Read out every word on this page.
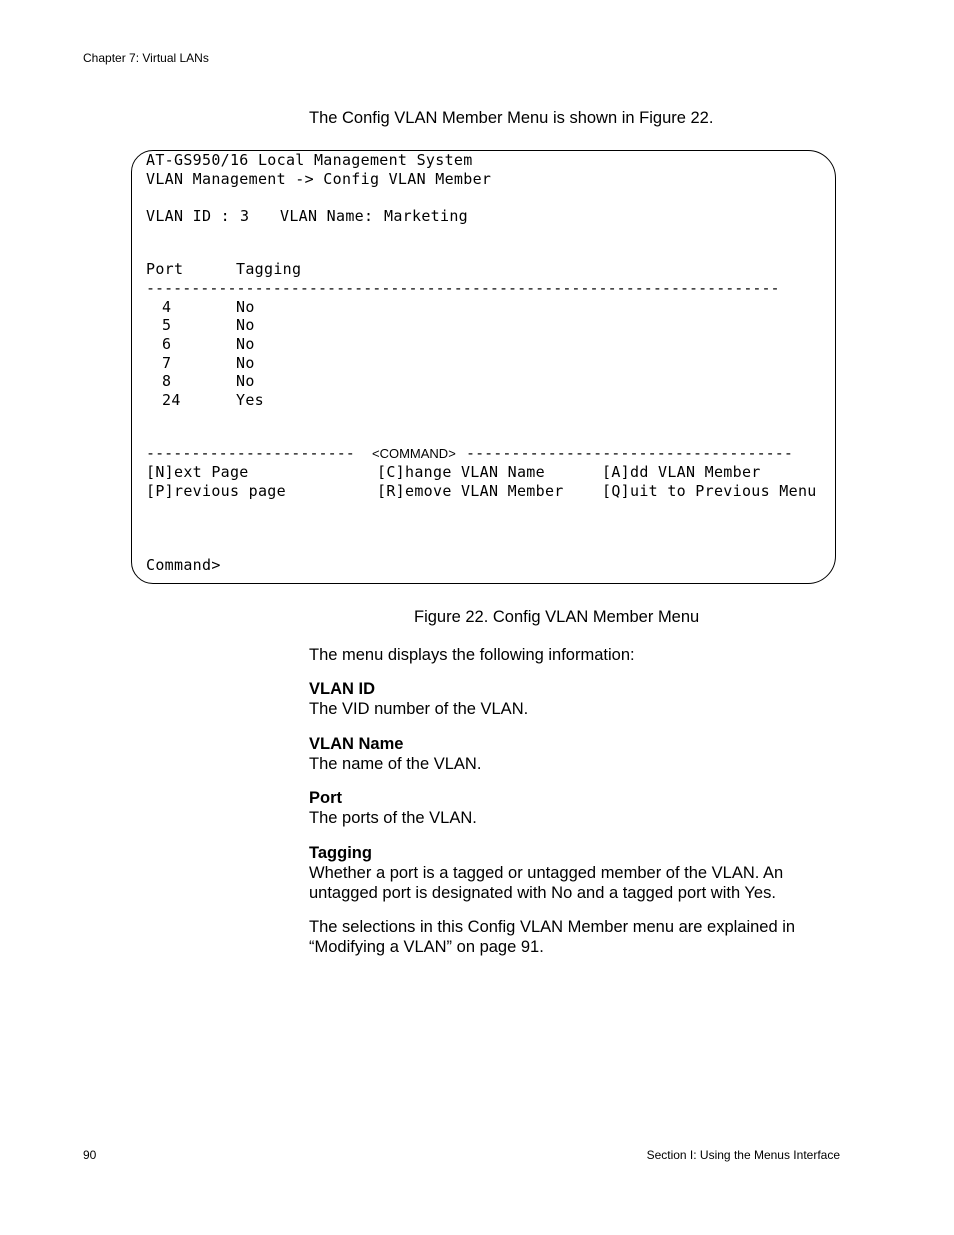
Chapter 7: Virtual LANs
The Config VLAN Member Menu is shown in Figure 22.
AT-GS950/16 Local Management System
VLAN Management -> Config VLAN Member
VLAN ID : 3 VLAN Name: Marketing
Port	Tagging
----------------------------------------------------------------------
4	No
5	No
6	No
7	No
8	No
24	Yes
----------------------- <COMMAND> ------------------------------------
[N]ext Page	[C]hange VLAN Name	[A]dd VLAN Member
[P]revious page	[R]emove VLAN Member	[Q]uit to Previous Menu
Command>
Figure 22. Config VLAN Member Menu
The menu displays the following information:
VLAN ID
The VID number of the VLAN.
VLAN Name
The name of the VLAN.
Port
The ports of the VLAN.
Tagging
Whether a port is a tagged or untagged member of the VLAN. An
untagged port is designated with No and a tagged port with Yes.
The selections in this Config VLAN Member menu are explained in
“Modifying a VLAN” on page 91.
90	Section I: Using the Menus Interface
